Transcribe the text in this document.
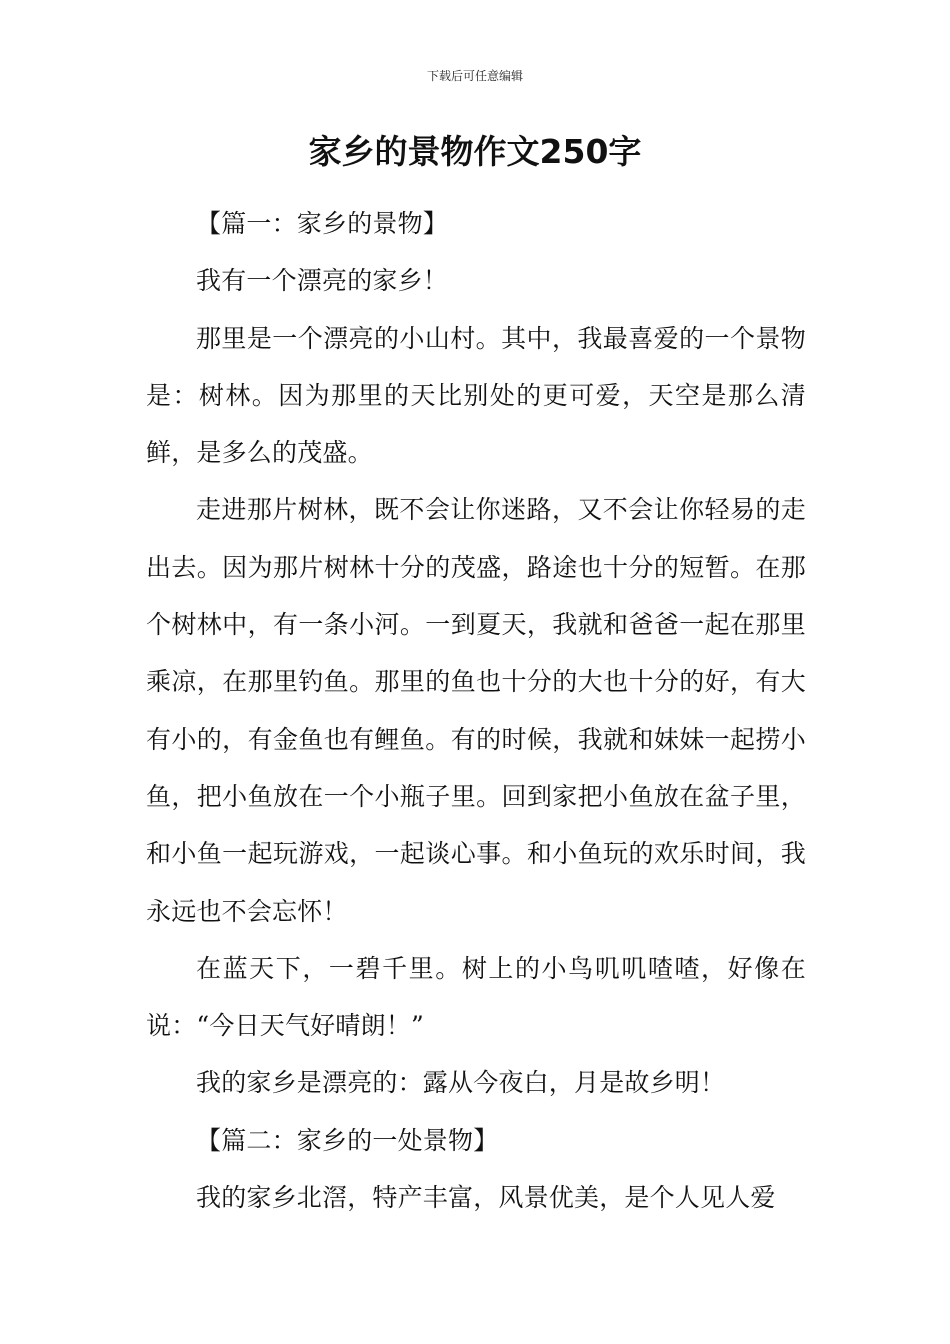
下载后可任意编辑
家乡的景物作文250字

【篇一：家乡的景物】

我有一个漂亮的家乡！

那里是一个漂亮的小山村。其中，我最喜爱的一个景物是：树林。因为那里的天比别处的更可爱，天空是那么清鲜，是多么的茂盛。

走进那片树林，既不会让你迷路，又不会让你轻易的走出去。因为那片树林十分的茂盛，路途也十分的短暂。在那个树林中，有一条小河。一到夏天，我就和爸爸一起在那里乘凉，在那里钓鱼。那里的鱼也十分的大也十分的好，有大有小的，有金鱼也有鲤鱼。有的时候，我就和妹妹一起捞小鱼，把小鱼放在一个小瓶子里。回到家把小鱼放在盆子里，和小鱼一起玩游戏，一起谈心事。和小鱼玩的欢乐时间，我永远也不会忘怀！

在蓝天下，一碧千里。树上的小鸟叽叽喳喳，好像在说：“今日天气好晴朗！”

我的家乡是漂亮的：露从今夜白，月是故乡明！

【篇二：家乡的一处景物】

我的家乡北滘，特产丰富，风景优美，是个人见人爱
